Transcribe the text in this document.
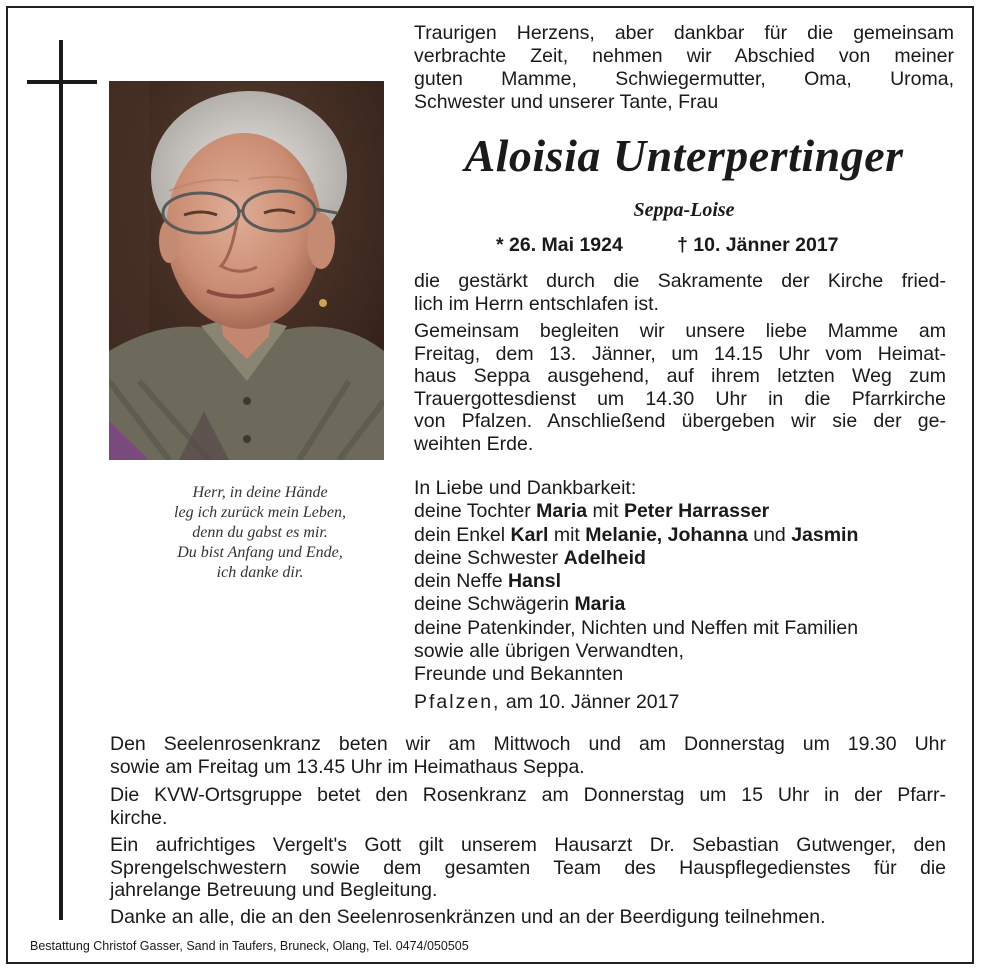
Herr, in deine Hände
leg ich zurück mein Leben,
denn du gabst es mir.
Du bist Anfang und Ende,
ich danke dir.
Traurigen Herzens, aber dankbar für die gemeinsam
verbrachte Zeit, nehmen wir Abschied von meiner
guten Mamme, Schwiegermutter, Oma, Uroma,
Schwester und unserer Tante, Frau
Aloisia Unterpertinger
Seppa-Loise
* 26. Mai 1924	† 10. Jänner 2017
die gestärkt durch die Sakramente der Kirche fried-
lich im Herrn entschlafen ist.
Gemeinsam begleiten wir unsere liebe Mamme am
Freitag, dem 13. Jänner, um 14.15 Uhr vom Heimat-
haus Seppa ausgehend, auf ihrem letzten Weg zum
Trauergottesdienst um 14.30 Uhr in die Pfarrkirche
von Pfalzen. Anschließend übergeben wir sie der ge-
weihten Erde.
In Liebe und Dankbarkeit:
deine Tochter Maria mit Peter Harrasser
dein Enkel Karl mit Melanie, Johanna und Jasmin
deine Schwester Adelheid
dein Neffe Hansl
deine Schwägerin Maria
deine Patenkinder, Nichten und Neffen mit Familien
sowie alle übrigen Verwandten,
Freunde und Bekannten
Pfalzen, am 10. Jänner 2017
Den Seelenrosenkranz beten wir am Mittwoch und am Donnerstag um 19.30 Uhr
sowie am Freitag um 13.45 Uhr im Heimathaus Seppa.
Die KVW-Ortsgruppe betet den Rosenkranz am Donnerstag um 15 Uhr in der Pfarr-
kirche.
Ein aufrichtiges Vergelt's Gott gilt unserem Hausarzt Dr. Sebastian Gutwenger, den
Sprengelschwestern sowie dem gesamten Team des Hauspflegedienstes für die
jahrelange Betreuung und Begleitung.
Danke an alle, die an den Seelenrosenkränzen und an der Beerdigung teilnehmen.
Bestattung Christof Gasser, Sand in Taufers, Bruneck, Olang, Tel. 0474/050505
